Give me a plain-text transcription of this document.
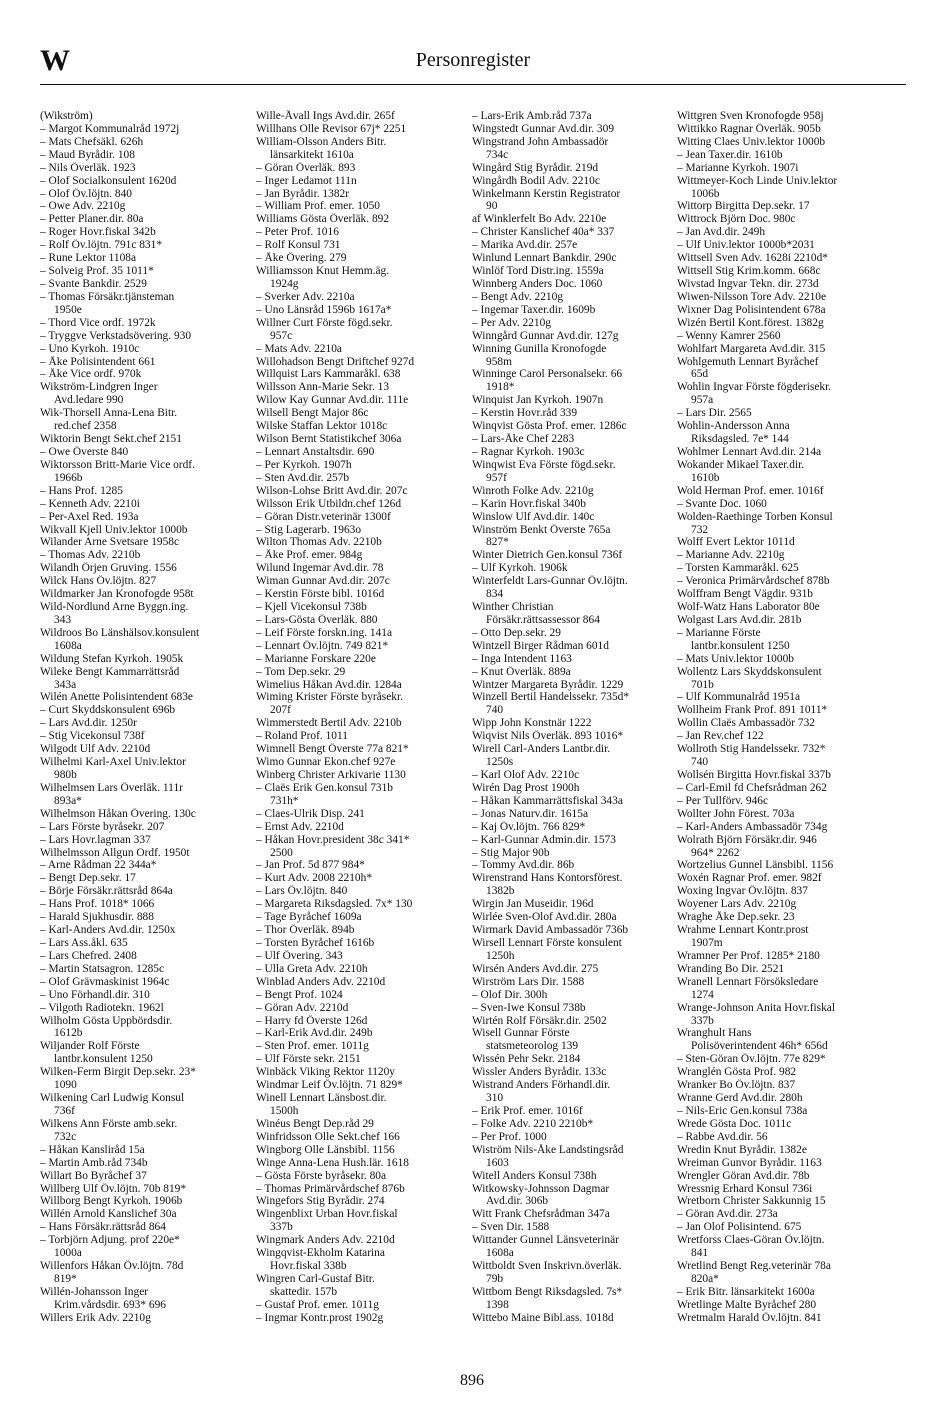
W	Personregister
(Wikström)
– Margot Kommunalråd 1972j
– Mats Chefsäkl. 626h
– Maud Byrådir. 108
– Nils Överläk. 1923
– Olof Socialkonsulent 1620d
– Olof Öv.löjtn. 840
– Owe Adv. 2210g
– Petter Planer.dir. 80a
– Roger Hovr.fiskal 342b
– Rolf Öv.löjtn. 791c 831*
– Rune Lektor 1108a
– Solveig Prof. 35 1011*
– Svante Bankdir. 2529
– Thomas Försäkr.tjänsteman
1950e
– Thord Vice ordf. 1972k
– Tryggve Verkstadsövering. 930
– Uno Kyrkoh. 1910c
– Åke Polisintendent 661
– Åke Vice ordf. 970k
Wikström-Lindgren Inger
Avd.ledare 990
Wik-Thorsell Anna-Lena Bitr.
red.chef 2358
Wiktorin Bengt Sekt.chef 2151
– Owe Överste 840
Wiktorsson Britt-Marie Vice ordf.
1966b
– Hans Prof. 1285
– Kenneth Adv. 2210i
– Per-Axel Red. 193a
Wikvall Kjell Univ.lektor 1000b
Wilander Arne Svetsare 1958c
– Thomas Adv. 2210b
Wilandh Örjen Gruving. 1556
Wilck Hans Öv.löjtn. 827
Wildmarker Jan Kronofogde 958t
Wild-Nordlund Arne Byggn.ing.
343
Wildroos Bo Länshälsov.konsulent
1608a
Wildung Stefan Kyrkoh. 1905k
Wileke Bengt Kammarrättsråd
343a
Wilén Anette Polisintendent 683e
– Curt Skyddskonsulent 696b
– Lars Avd.dir. 1250r
– Stig Vicekonsul 738f
Wilgodt Ulf Adv. 2210d
Wilhelmi Karl-Axel Univ.lektor
980b
Wilhelmsen Lars Överläk. 111r
893a*
Wilhelmson Håkan Övering. 130c
– Lars Förste byråsekr. 207
– Lars Hovr.lagman 337
Wilhelmsson Allgun Ordf. 1950t
– Arne Rådman 22 344a*
– Bengt Dep.sekr. 17
– Börje Försäkr.rättsråd 864a
– Hans Prof. 1018* 1066
– Harald Sjukhusdir. 888
– Karl-Anders Avd.dir. 1250x
– Lars Ass.åkl. 635
– Lars Chefred. 2408
– Martin Statsagron. 1285c
– Olof Grävmaskinist 1964c
– Uno Förhandl.dir. 310
– Vilgoth Radiotekn. 1962l
Wilholm Gösta Uppbördsdir.
1612b
Wiljander Rolf Förste
lantbr.konsulent 1250
Wilken-Ferm Birgit Dep.sekr. 23*
1090
Wilkening Carl Ludwig Konsul
736f
Wilkens Ann Förste amb.sekr.
732c
– Håkan Kansliråd 15a
– Martin Amb.råd 734b
Willart Bo Byråchef 37
Willberg Ulf Öv.löjtn. 70b 819*
Willborg Bengt Kyrkoh. 1906b
Willén Arnold Kanslichef 30a
– Hans Försäkr.rättsråd 864
– Torbjörn Adjung. prof 220e*
1000a
Willenfors Håkan Öv.löjtn. 78d
819*
Willén-Johansson Inger
Krim.vårdsdir. 693* 696
Willers Erik Adv. 2210g
Wille-Åvall Ings Avd.dir. 265f
Willhans Olle Revisor 67j* 2251
William-Olsson Anders Bitr.
länsarkitekt 1610a
– Göran Överläk. 893
– Inger Ledamot 111n
– Jan Byrådir. 1382r
– William Prof. emer. 1050
Williams Gösta Överläk. 892
– Peter Prof. 1016
– Rolf Konsul 731
– Åke Övering. 279
Williamsson Knut Hemm.äg.
1924g
– Sverker Adv. 2210a
– Uno Länsråd 1596b 1617a*
Willner Curt Förste fögd.sekr.
957c
– Mats Adv. 2210a
Willohadson Bengt Driftchef 927d
Willquist Lars Kammaråkl. 638
Willsson Ann-Marie Sekr. 13
Wilow Kay Gunnar Avd.dir. 111e
Wilsell Bengt Major 86c
Wilske Staffan Lektor 1018c
Wilson Bernt Statistikchef 306a
– Lennart Anstaltsdir. 690
– Per Kyrkoh. 1907h
– Sten Avd.dir. 257b
Wilson-Lohse Britt Avd.dir. 207c
Wilsson Erik Utbildn.chef 126d
– Göran Distr.veterinär 1300f
– Stig Lagerarb. 1963o
Wilton Thomas Adv. 2210b
– Åke Prof. emer. 984g
Wilund Ingemar Avd.dir. 78
Wiman Gunnar Avd.dir. 207c
– Kerstin Förste bibl. 1016d
– Kjell Vicekonsul 738b
– Lars-Gösta Överläk. 880
– Leif Förste forskn.ing. 141a
– Lennart Öv.löjtn. 749 821*
– Marianne Forskare 220e
– Tom Dep.sekr. 29
Wimelius Håkan Avd.dir. 1284a
Wiming Krister Förste byråsekr.
207f
Wimmerstedt Bertil Adv. 2210b
– Roland Prof. 1011
Wimnell Bengt Överste 77a 821*
Wimo Gunnar Ekon.chef 927e
Winberg Christer Arkivarie 1130
– Claës Erik Gen.konsul 731b
731h*
– Claes-Ulrik Disp. 241
– Ernst Adv. 2210d
– Håkan Hovr.president 38c 341*
2500
– Jan Prof. 5d 877 984*
– Kurt Adv. 2008 2210h*
– Lars Öv.löjtn. 840
– Margareta Riksdagsled. 7x* 130
– Tage Byråchef 1609a
– Thor Överläk. 894b
– Torsten Byråchef 1616b
– Ulf Övering. 343
– Ulla Greta Adv. 2210h
Winblad Anders Adv. 2210d
– Bengt Prof. 1024
– Göran Adv. 2210d
– Harry fd Överste 126d
– Karl-Erik Avd.dir. 249b
– Sten Prof. emer. 1011g
– Ulf Förste sekr. 2151
Winbäck Viking Rektor 1120y
Windmar Leif Öv.löjtn. 71 829*
Winell Lennart Länsbost.dir.
1500h
Winéus Bengt Dep.råd 29
Winfridsson Olle Sekt.chef 166
Wingborg Olle Länsbibl. 1156
Winge Anna-Lena Hush.lär. 1618
– Gösta Förste byråsekr. 80a
– Thomas Primärvårdschef 876b
Wingefors Stig Byrådir. 274
Wingenblixt Urban Hovr.fiskal
337b
Wingmark Anders Adv. 2210d
Wingqvist-Ekholm Katarina
Hovr.fiskal 338b
Wingren Carl-Gustaf Bitr.
skattedir. 157b
– Gustaf Prof. emer. 1011g
– Ingmar Kontr.prost 1902g
– Lars-Erik Amb.råd 737a
Wingstedt Gunnar Avd.dir. 309
Wingstrand John Ambassadör
734c
Wingård Stig Byrådir. 219d
Wingårdh Bodil Adv. 2210c
Winkelmann Kerstin Registrator
90
af Winklerfelt Bo Adv. 2210e
– Christer Kanslichef 40a* 337
– Marika Avd.dir. 257e
Winlund Lennart Bankdir. 290c
Winlöf Tord Distr.ing. 1559a
Winnberg Anders Doc. 1060
– Bengt Adv. 2210g
– Ingemar Taxer.dir. 1609b
– Per Adv. 2210g
Winngård Gunnar Avd.dir. 127g
Winning Gunilla Kronofogde
958m
Winninge Carol Personalsekr. 66
1918*
Winquist Jan Kyrkoh. 1907n
– Kerstin Hovr.råd 339
Winqvist Gösta Prof. emer. 1286c
– Lars-Åke Chef 2283
– Ragnar Kyrkoh. 1903c
Winqwist Eva Förste fögd.sekr.
957f
Winroth Folke Adv. 2210g
– Karin Hovr.fiskal 340b
Winslow Ulf Avd.dir. 140c
Winström Benkt Överste 765a
827*
Winter Dietrich Gen.konsul 736f
– Ulf Kyrkoh. 1906k
Winterfeldt Lars-Gunnar Öv.löjtn.
834
Winther Christian
Försäkr.rättsassessor 864
– Otto Dep.sekr. 29
Wintzell Birger Rådman 601d
– Inga Intendent 1163
– Knut Överläk. 889a
Wintzer Margareta Byrådir. 1229
Winzell Bertil Handelssekr. 735d*
740
Wipp John Konstnär 1222
Wiqvist Nils Överläk. 893 1016*
Wirell Carl-Anders Lantbr.dir.
1250s
– Karl Olof Adv. 2210c
Wirén Dag Prost 1900h
– Håkan Kammarrättsfiskal 343a
– Jonas Naturv.dir. 1615a
– Kaj Öv.löjtn. 766 829*
– Karl-Gunnar Admin.dir. 1573
– Stig Major 90b
– Tommy Avd.dir. 86b
Wirenstrand Hans Kontorsförest.
1382b
Wirgin Jan Museidir. 196d
Wirlée Sven-Olof Avd.dir. 280a
Wirmark David Ambassadör 736b
Wirsell Lennart Förste konsulent
1250h
Wirsén Anders Avd.dir. 275
Wirström Lars Dir. 1588
– Olof Dir. 300h
– Sven-Iwe Konsul 738b
Wirtén Rolf Försäkr.dir. 2502
Wisell Gunnar Förste
statsmeteorolog 139
Wissén Pehr Sekr. 2184
Wissler Anders Byrådir. 133c
Wistrand Anders Förhandl.dir.
310
– Erik Prof. emer. 1016f
– Folke Adv. 2210 2210b*
– Per Prof. 1000
Wiström Nils-Åke Landstingsråd
1603
Witell Anders Konsul 738h
Witkowsky-Johnsson Dagmar
Avd.dir. 306b
Witt Frank Chefsrådman 347a
– Sven Dir. 1588
Wittander Gunnel Länsveterinär
1608a
Wittboldt Sven Inskrivn.överläk.
79b
Wittbom Bengt Riksdagsled. 7s*
1398
Wittebo Maine Bibl.ass. 1018d
Wittgren Sven Kronofogde 958j
Wittikko Ragnar Överläk. 905b
Witting Claes Univ.lektor 1000b
– Jean Taxer.dir. 1610b
– Marianne Kyrkoh. 1907i
Wittmeyer-Koch Linde Univ.lektor
1006b
Wittorp Birgitta Dep.sekr. 17
Wittrock Björn Doc. 980c
– Jan Avd.dir. 249h
– Ulf Univ.lektor 1000b*2031
Wittsell Sven Adv. 1628i 2210d*
Wittsell Stig Krim.komm. 668c
Wivstad Ingvar Tekn. dir. 273d
Wiwen-Nilsson Tore Adv. 2210e
Wixner Dag Polisintendent 678a
Wizén Bertil Kont.förest. 1382g
– Wenny Kamrer 2560
Wohlfart Margareta Avd.dir. 315
Wohlgemuth Lennart Byråchef
65d
Wohlin Ingvar Förste fögderisekr.
957a
– Lars Dir. 2565
Wohlin-Andersson Anna
Riksdagsled. 7e* 144
Wohlmer Lennart Avd.dir. 214a
Wokander Mikael Taxer.dir.
1610b
Wold Herman Prof. emer. 1016f
– Svante Doc. 1060
Wolden-Raethinge Torben Konsul
732
Wolff Evert Lektor 1011d
– Marianne Adv. 2210g
– Torsten Kammaråkl. 625
– Veronica Primärvårdschef 878b
Wolffram Bengt Vägdir. 931b
Wolf-Watz Hans Laborator 80e
Wolgast Lars Avd.dir. 281b
– Marianne Förste
lantbr.konsulent 1250
– Mats Univ.lektor 1000b
Wollentz Lars Skyddskonsulent
701b
– Ulf Kommunalråd 1951a
Wollheim Frank Prof. 891 1011*
Wollin Claës Ambassadör 732
– Jan Rev.chef 122
Wollroth Stig Handelssekr. 732*
740
Wollsén Birgitta Hovr.fiskal 337b
– Carl-Emil fd Chefsrådman 262
– Per Tullförv. 946c
Wollter John Förest. 703a
– Karl-Anders Ambassadör 734g
Wolrath Björn Försäkr.dir. 946
964* 2262
Wortzelius Gunnel Länsbibl. 1156
Woxén Ragnar Prof. emer. 982f
Woxing Ingvar Öv.löjtn. 837
Woyener Lars Adv. 2210g
Wraghe Åke Dep.sekr. 23
Wrahme Lennart Kontr.prost
1907m
Wramner Per Prof. 1285* 2180
Wranding Bo Dir. 2521
Wranell Lennart Försöksledare
1274
Wrange-Johnson Anita Hovr.fiskal
337b
Wranghult Hans
Polisöverintendent 46h* 656d
– Sten-Göran Öv.löjtn. 77e 829*
Wranglén Gösta Prof. 982
Wranker Bo Öv.löjtn. 837
Wranne Gerd Avd.dir. 280h
– Nils-Eric Gen.konsul 738a
Wrede Gösta Doc. 1011c
– Rabbe Avd.dir. 56
Wredin Knut Byrådir. 1382e
Wreiman Gunvor Byrådir. 1163
Wrengler Göran Avd.dir. 78b
Wressnig Erhard Konsul 736i
Wretborn Christer Sakkunnig 15
– Göran Avd.dir. 273a
– Jan Olof Polisintend. 675
Wretforss Claes-Göran Öv.löjtn.
841
Wretlind Bengt Reg.veterinär 78a
820a*
– Erik Bitr. länsarkitekt 1600a
Wretlinge Malte Byråchef 280
Wretmalm Harald Öv.löjtn. 841
896
